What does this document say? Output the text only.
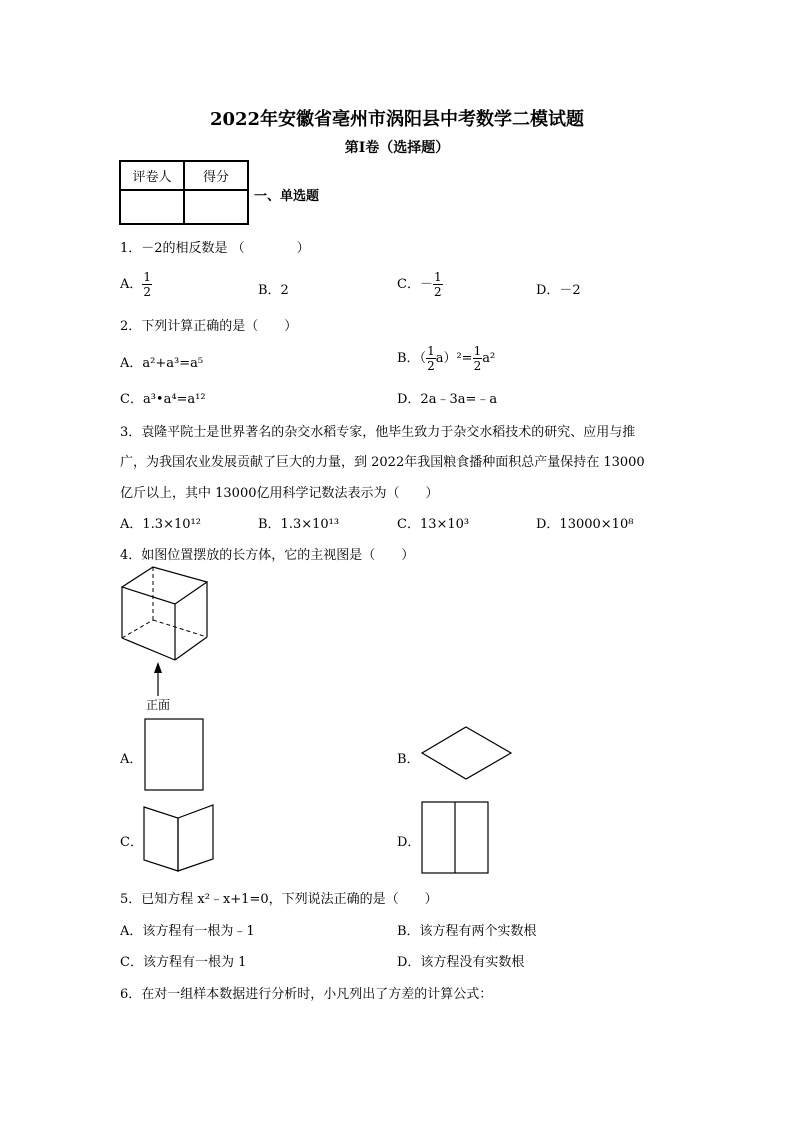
2022年安徽省亳州市涡阳县中考数学二模试题
第I卷（选择题）
评卷人	得分

一、单选题
1．－2的相反数是 （　　　　）
A． $\frac{1}{2}$	B．2	C．－ $\frac{1}{2}$	D．－2
2．下列计算正确的是（　　）
A．a²+a³=a⁵	B．（ $\frac{1}{2} a)^2= \frac{1}{2} a^2$
C．a³•a⁴=a¹²	D．2a﹣3a=﹣a
3．袁隆平院士是世界著名的杂交水稻专家，他毕生致力于杂交水稻技术的研究、应用与推
广，为我国农业发展贡献了巨大的力量，到 2022年我国粮食播种面积总产量保持在 13000
亿斤以上，其中 13000亿用科学记数法表示为（　　）
A．1.3×10¹²	B．1.3×10¹³	C．13×10³	D．13000×10⁸
4．如图位置摆放的长方体，它的主视图是（　　）
正面
A．	B．
C．	D．
5．已知方程 x²﹣x+1=0，下列说法正确的是（　　）
A．该方程有一根为﹣1	B．该方程有两个实数根
C．该方程有一根为 1	D．该方程没有实数根
6．在对一组样本数据进行分析时，小凡列出了方差的计算公式：
